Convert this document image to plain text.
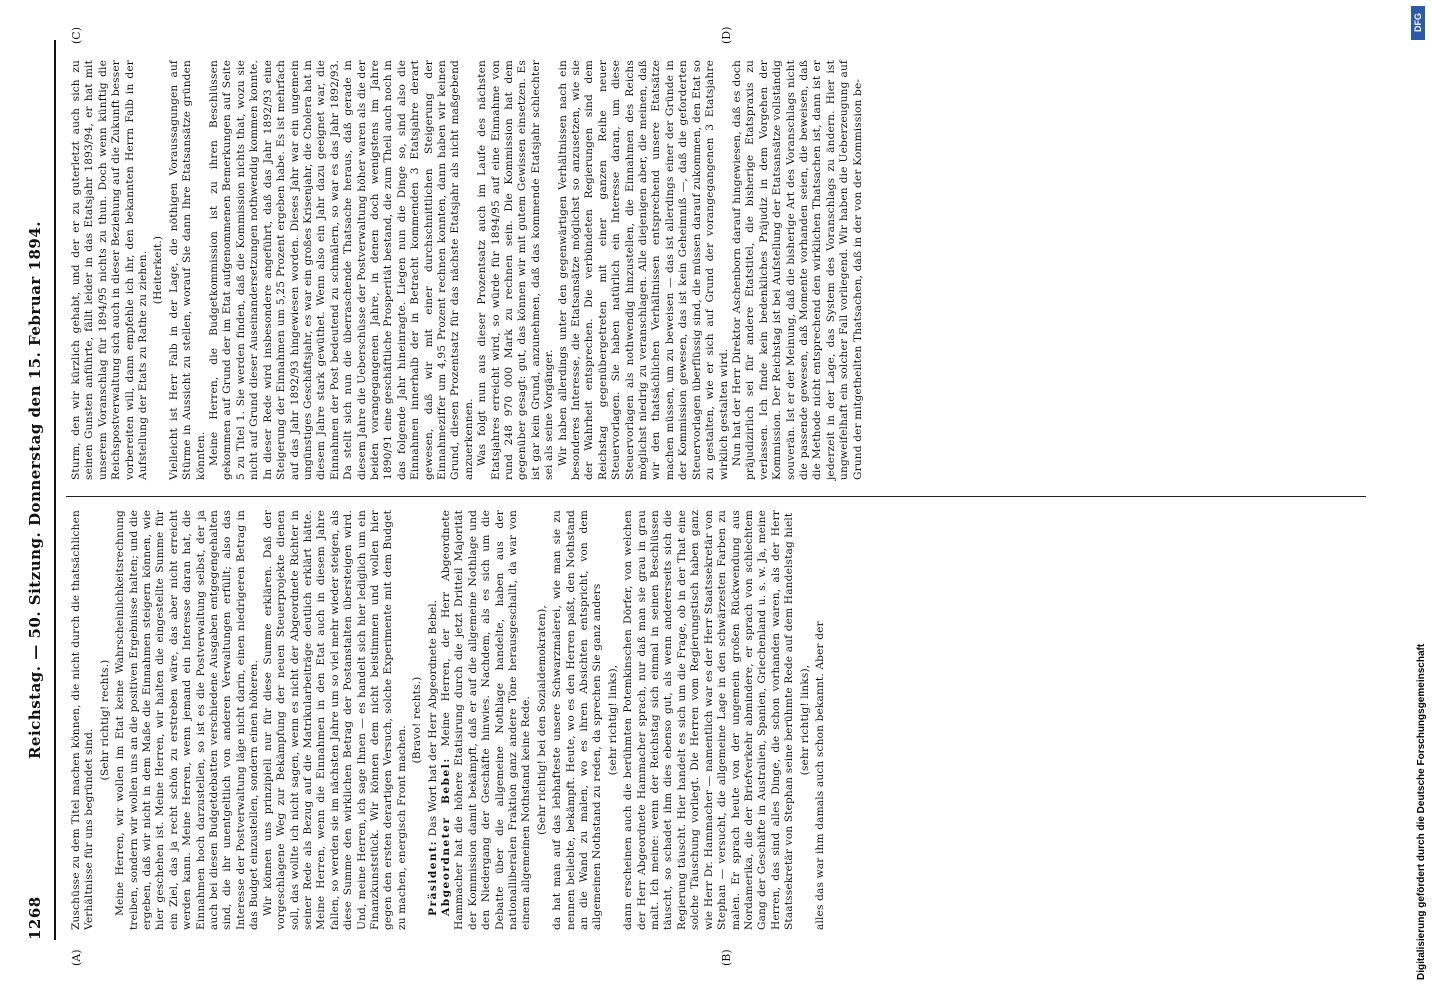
1268
Reichstag. — 50. Sitzung. Donnerstag den 15. Februar 1894.
(A)	(B)
(C)	(D)

Zuschüsse zu dem Titel machen können, die nicht durch die thatsächlichen Verhältnisse für uns begründet sind.

(Sehr richtig! rechts.) Meine Herren, wir wollen im Etat keine Wahrscheinlichkeitsrechnung treiben, sondern wir wollen uns an die positiven Ergebnisse halten; und die ergeben, daß wir nicht in dem Maße die Einnahmen steigern können, wie hier geschehen ist. Meine Herren, wir halten die eingestellte Summe für ein Ziel, das ja recht schön zu erstreben wäre, das aber nicht erreicht werden kann. Meine Herren, wenn jemand ein Interesse daran hat, die Einnahmen hoch darzustellen, so ist es die Postverwaltung selbst, der ja auch bei diesen Budgetdebatten verschiedene Ausgaben entgegengehalten sind, die ihr unentgeltlich von anderen Verwaltungen erfüllt; also das Interesse der Postverwaltung läge nicht darin, einen niedrigeren Betrag in das Budget einzustellen, sondern einen höheren. Wir können uns prinzipiell nur für diese Summe erklären. Daß der vorgeschlagene Weg zur Bekämpfung der neuen Steuerprojekte dienen soll, das wollte ich nicht sagen, wenn es nicht der Abgeordnete Richter in seiner Rede als Bezug auf die Matrikularbeiträge deutlich erklärt hätte. Meine Herren, wenn die Einnahmen in den Etat auch in diesem Jahre fallen, so werden sie im nächsten Jahre um so viel mehr wieder steigen, als diese Summe den wirklichen Betrag der Postanstalten übersteigen wird. Und, meine Herren, ich sage Ihnen — es handelt sich hier lediglich um ein Finanzkunststück. Wir können dem nicht beistimmen und wollen hier gegen den ersten derartigen Versuch, solche Experimente mit dem Budget zu machen, energisch Front machen.

(Bravo! rechts.)

Präsident: Das Wort hat der Herr Abgeordnete Bebel.

Abgeordneter Bebel: Meine Herren, der Herr Abgeordnete Hammacher hat die höhere Etatisirung durch die jetzt Dritteil Majorität der Kommission damit bekämpft, daß er auf die allgemeine Nothlage und den Niedergang der Geschäfte hinwies. Nachdem, als es sich um die Debatte über die allgemeine Nothlage handelte, haben aus der nationalliberalen Fraktion ganz andere Töne herausgeschallt, da war von einem allgemeinen Nothstand keine Rede. (Sehr richtig! bei den Sozialdemokraten), da hat man auf das lebhafteste unsere Schwarzmalerei, wie man sie zu nennen beliebte, bekämpft. Heute, wo es den Herren paßt, den Nothstand an die Wand zu malen, wo es ihren Absichten entspricht, von dem allgemeinen Nothstand zu reden, da sprechen Sie ganz anders (sehr richtig! links), dann erscheinen auch die berühmten Potemkinschen Dörfer, von welchen der Herr Abgeordnete Hammacher sprach, nur daß man sie grau in grau malt. Ich meine: wenn der Reichstag sich einmal in seinen Beschlüssen täuscht, so schadet ihm dies ebenso gut, als wenn andererseits sich die Regierung täuscht. Hier handelt es sich um die Frage, ob in der That eine solche Täuschung vorliegt. Die Herren vom Regierungstisch haben ganz wie Herr Dr. Hammacher — namentlich war es der Herr Staatssekretär von Stephan — versucht, die allgemeine Lage in den schwärzesten Farben zu malen. Er sprach heute von der ungemein großen Rückwendung aus Nordamerika, die der Briefverkehr abmindere, er sprach von schlechtem Gang der Geschäfte in Australien, Spanien, Griechenland u. s. w. Ja, meine Herren, das sind alles Dinge, die schon vorhanden waren, als der Herr Staatssekretär von Stephan seine berühmte Rede auf dem Handelstag hielt (sehr richtig! links), alles das war ihm damals auch schon bekannt. Aber der

Sturm, den wir kürzlich gehabt, und der er zu guterletzt auch sich zu seinen Gunsten anführte, fällt leider in das Etatsjahr 1893/94, er hat mit unserem Voranschlag für 1894/95 nichts zu thun. Doch wenn künftig die Reichspostverwaltung sich auch in dieser Beziehung auf die Zukunft besser vorbereiten will, dann empfehle ich ihr, den bekannten Herrn Falb in der Aufstellung der Etats zu Rathe zu ziehen. (Heiterkeit.) Vielleicht ist Herr Falb in der Lage, die nöthigen Voraussagungen auf Stürme in Aussicht zu stellen, worauf Sie dann Ihre Etatsansätze gründen könnten. Meine Herren, die Budgetkommission ist zu ihren Beschlüssen gekommen auf Grund der im Etat aufgenommenen Bemerkungen auf Seite 5 zu Titel 1. Sie werden finden, daß die Kommission nichts that, wozu sie nicht auf Grund dieser Auseinandersetzungen nothwendig kommen konnte. In dieser Rede wird insbesondere angeführt, daß das Jahr 1892/93 eine Steigerung der Einnahmen um 5,25 Prozent ergeben habe. Es ist mehrfach auf das Jahr 1892/93 hingewiesen worden. Dieses Jahr war ein ungemein ungünstiges Geschäftsjahr, es war ein großes Krisenjahr, die Cholera hat in diesem Jahre stark gewüthet. Wenn also ein Jahr dazu geeignet war, die Einnahmen der Post bedeutend zu schmälern, so war es das Jahr 1892/93. Da stellt sich nun die überraschende Thatsache heraus, daß gerade in diesem Jahre die Ueberschüsse der Postverwaltung höher waren als die der beiden vorangegangenen Jahre, in denen doch wenigstens im Jahre 1890/91 eine geschäftliche Prosperität bestand, die zum Theil auch noch in das folgende Jahr hineinragte. Liegen nun die Dinge so, sind also die Einnahmen innerhalb der in Betracht kommenden 3 Etatsjahre derart gewesen, daß wir mit einer durchschnittlichen Steigerung der Einnahmeziffer um 4,95 Prozent rechnen konnten, dann haben wir keinen Grund, diesen Prozentsatz für das nächste Etatsjahr als nicht maßgebend anzuerkennen. Was folgt nun aus dieser Prozentsatz auch im Laufe des nächsten Etatsjahres erreicht wird, so würde für 1894/95 auf eine Einnahme von rund 248 970 000 Mark zu rechnen sein. Die Kommission hat dem gegenüber gesagt: gut, das können wir mit gutem Gewissen einsetzen. Es ist gar kein Grund, anzunehmen, daß das kommende Etatsjahr schlechter sei als seine Vorgänger. Wir haben allerdings unter den gegenwärtigen Verhältnissen nach ein besonderes Interesse, die Etatsansätze möglichst so anzusetzen, wie sie der Wahrheit entsprechen. Die verbündeten Regierungen sind dem Reichstag gegenübergetreten mit einer ganzen Reihe neuer Steuervorlagen. Sie haben natürlich ein Interesse daran, um diese Steuervorlagen als nothwendig hinzustellen, die Einnahmen des Reichs möglichst niedrig zu veranschlagen. Alle diejenigen aber, die meinen, daß wir den thatsächlichen Verhältnissen entsprechend unsere Etatsätze machen müssen, um zu beweisen — das ist allerdings einer der Gründe in der Kommission gewesen, das ist kein Geheimniß —, daß die geforderten Steuervorlagen überflüssig sind, die müssen darauf zukommen, den Etat so zu gestalten, wie er sich auf Grund der vorangegangenen 3 Etatsjahre wirklich gestalten wird. Nun hat der Herr Direktor Aschenborn darauf hingewiesen, daß es doch präjudizirlich sei für andere Etatstitel, die bisherige Etatspraxis zu verlassen. Ich finde kein bedenkliches Präjudiz in dem Vorgehen der Kommission. Der Reichstag ist bei Aufstellung der Etatsansätze vollständig souverän. Ist er der Meinung, daß die bisherige Art des Voranschlags nicht die passende gewesen, daß Momente vorhanden seien, die beweisen, daß die Methode nicht entsprechend den wirklichen Thatsachen ist, dann ist er jederzeit in der Lage, das System des Voranschlags zu ändern. Hier ist ungweifelhaft ein solcher Fall vorliegend. Wir haben die Ueberzeugung auf Grund der mitgetheilten Thatsachen, daß in der von der Kommission be-

DFG
Digitalisierung gefördert durch die Deutsche Forschungsgemeinschaft
